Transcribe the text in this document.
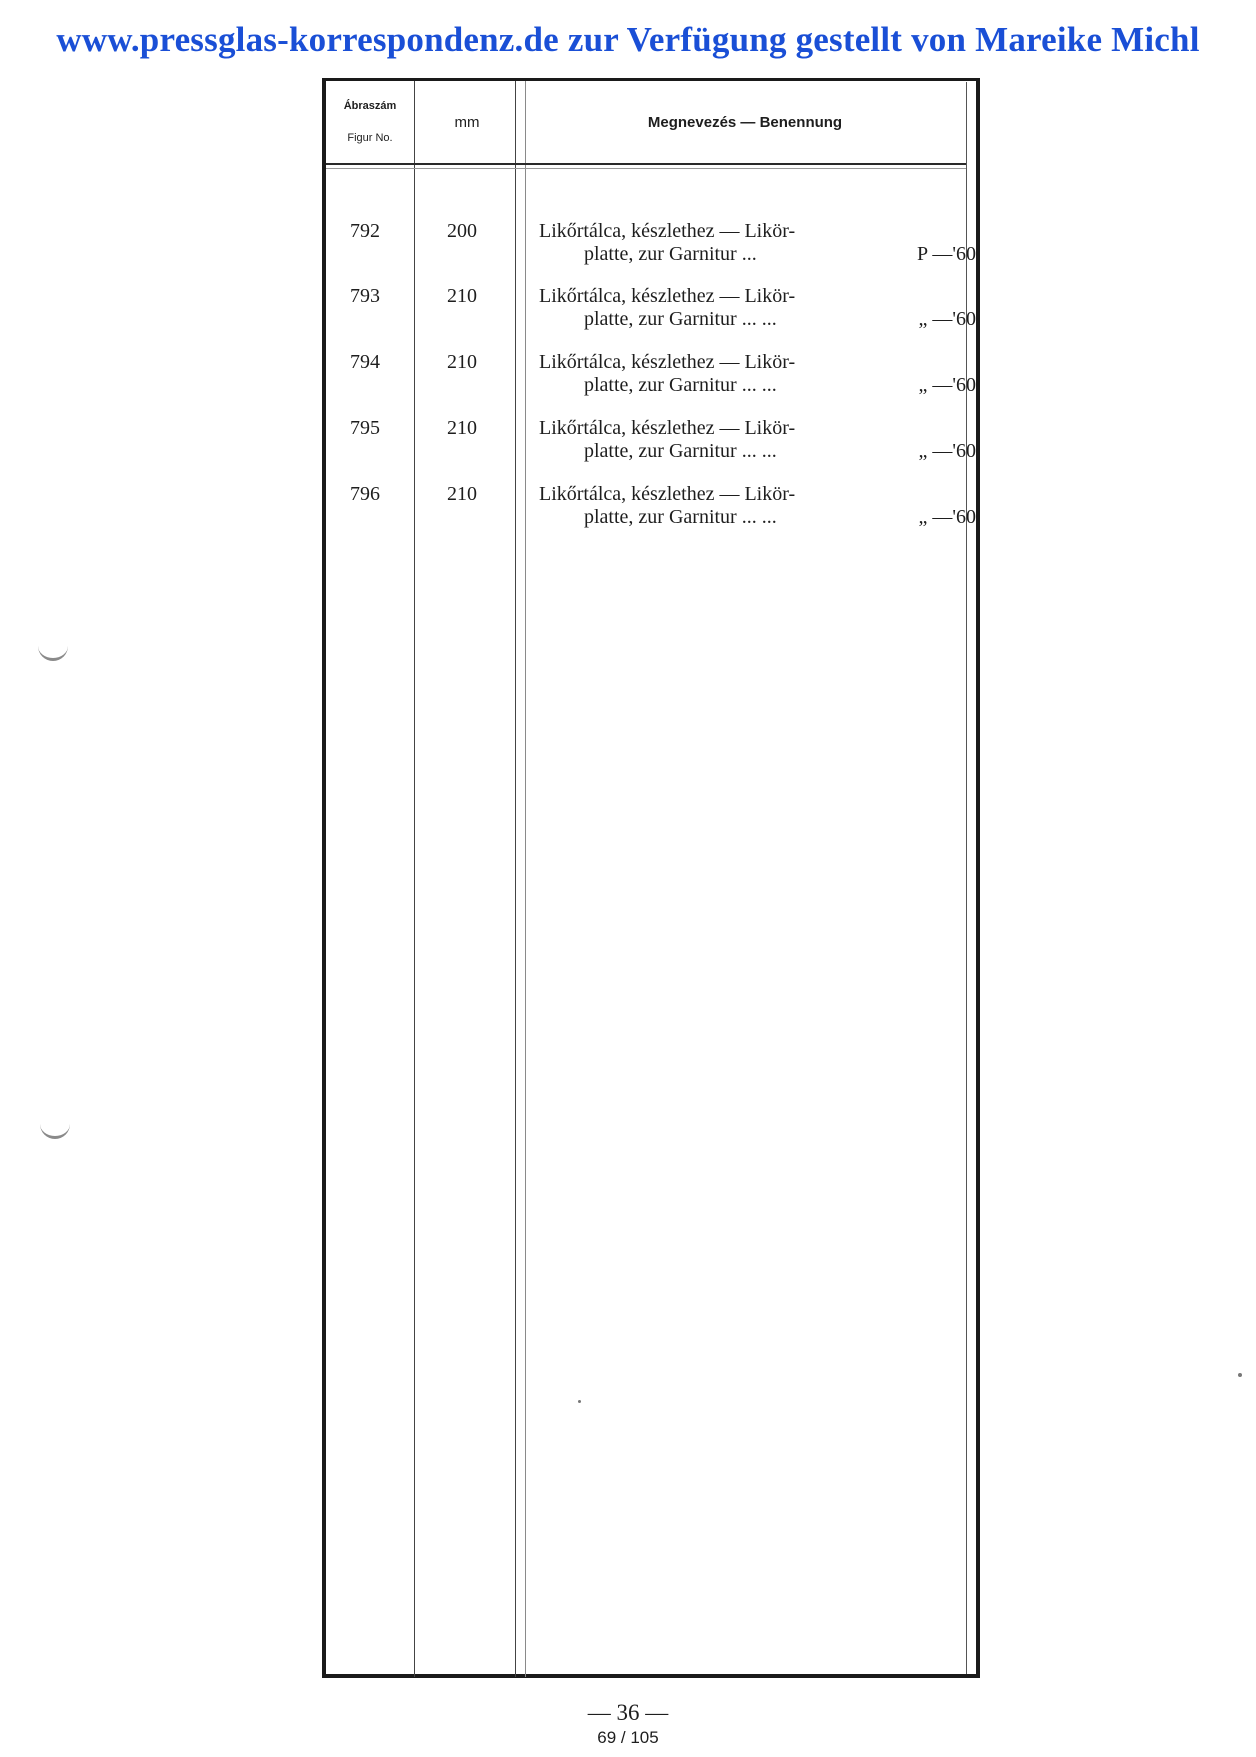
www.pressglas-korrespondenz.de zur Verfügung gestellt von Mareike Michl
Ábraszám
Figur No.
mm	Megnevezés — Benennung
792	200	Likőrtálca, készlethez — Likör-
platte, zur Garnitur ...	P —'60
793	210	Likőrtálca, készlethez — Likör-
platte, zur Garnitur ... ...	„ —'60
794	210	Likőrtálca, készlethez — Likör-
platte, zur Garnitur ... ...	„ —'60
795	210	Likőrtálca, készlethez — Likör-
platte, zur Garnitur ... ...	„ —'60
796	210	Likőrtálca, készlethez — Likör-
platte, zur Garnitur ... ...	„ —'60
— 36 —
69 / 105
